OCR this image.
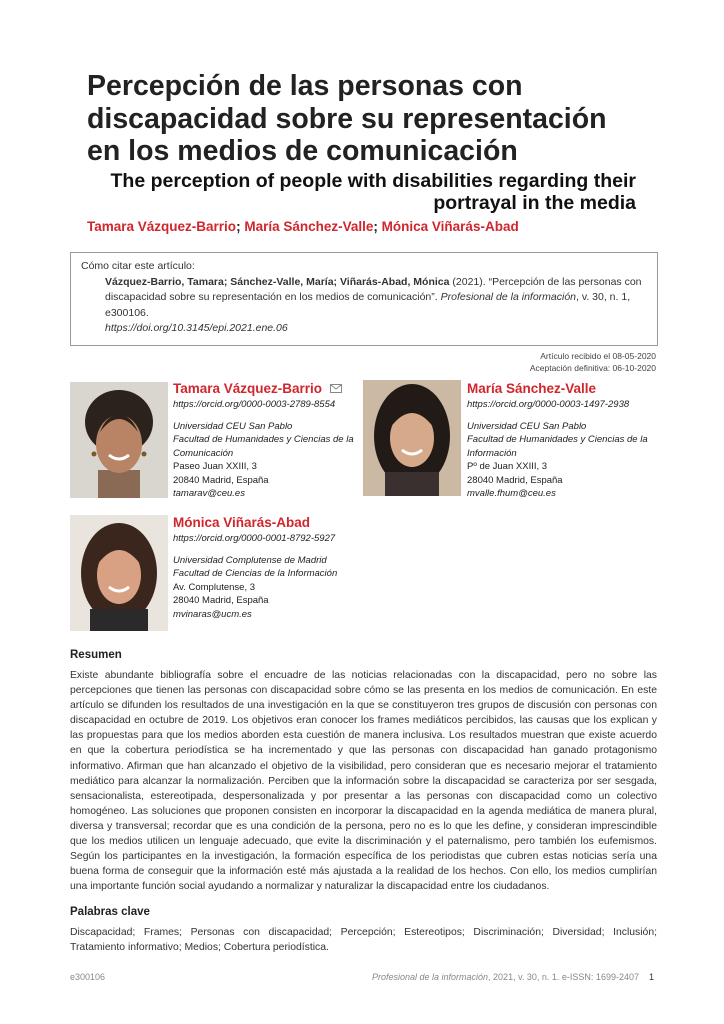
Percepción de las personas con discapacidad sobre su representación en los medios de comunicación
The perception of people with disabilities regarding their portrayal in the media
Tamara Vázquez-Barrio; María Sánchez-Valle; Mónica Viñarás-Abad

Cómo citar este artículo:

Vázquez-Barrio, Tamara; Sánchez-Valle, María; Viñarás-Abad, Mónica (2021). “Percepción de las personas con discapacidad sobre su representación en los medios de comunicación”. Profesional de la información, v. 30, n. 1, e300106.

https://doi.org/10.3145/epi.2021.ene.06

Artículo recibido el 08-05-2020
Aceptación definitiva: 06-10-2020
Tamara Vázquez-Barrio
https://orcid.org/0000-0003-2789-8554
Universidad CEU San Pablo
Facultad de Humanidades y Ciencias de la Comunicación
Paseo Juan XXIII, 3
20840 Madrid, España
tamarav@ceu.es
María Sánchez-Valle
https://orcid.org/0000-0003-1497-2938
Universidad CEU San Pablo
Facultad de Humanidades y Ciencias de la Información
Pº de Juan XXIII, 3
28040 Madrid, España
mvalle.fhum@ceu.es
Mónica Viñarás-Abad
https://orcid.org/0000-0001-8792-5927
Universidad Complutense de Madrid
Facultad de Ciencias de la Información
Av. Complutense, 3
28040 Madrid, España
mvinaras@ucm.es
Resumen

Existe abundante bibliografía sobre el encuadre de las noticias relacionadas con la discapacidad, pero no sobre las percepciones que tienen las personas con discapacidad sobre cómo se las presenta en los medios de comunicación. En este artículo se difunden los resultados de una investigación en la que se constituyeron tres grupos de discusión con personas con discapacidad en octubre de 2019. Los objetivos eran conocer los frames mediáticos percibidos, las causas que los explican y las propuestas para que los medios aborden esta cuestión de manera inclusiva. Los resultados muestran que existe acuerdo en que la cobertura periodística se ha incrementado y que las personas con discapacidad han ganado protagonismo informativo. Afirman que han alcanzado el objetivo de la visibilidad, pero consideran que es necesario mejorar el tratamiento mediático para alcanzar la normalización. Perciben que la información sobre la discapacidad se caracteriza por ser sesgada, sensacionalista, estereotipada, despersonalizada y por presentar a las personas con discapacidad como un colectivo homogéneo. Las soluciones que proponen consisten en incorporar la discapacidad en la agenda mediática de manera plural, diversa y transversal; recordar que es una condición de la persona, pero no es lo que les define, y consideran imprescindible que los medios utilicen un lenguaje adecuado, que evite la discriminación y el paternalismo, pero también los eufemismos. Según los participantes en la investigación, la formación específica de los periodistas que cubren estas noticias sería una buena forma de conseguir que la información esté más ajustada a la realidad de los hechos. Con ello, los medios cumplirían una importante función social ayudando a normalizar y naturalizar la discapacidad entre los ciudadanos.

Palabras clave

Discapacidad; Frames; Personas con discapacidad; Percepción; Estereotipos; Discriminación; Diversidad; Inclusión; Tratamiento informativo; Medios; Cobertura periodística.

e300106	Profesional de la información, 2021, v. 30, n. 1. e-ISSN: 1699-2407 1
